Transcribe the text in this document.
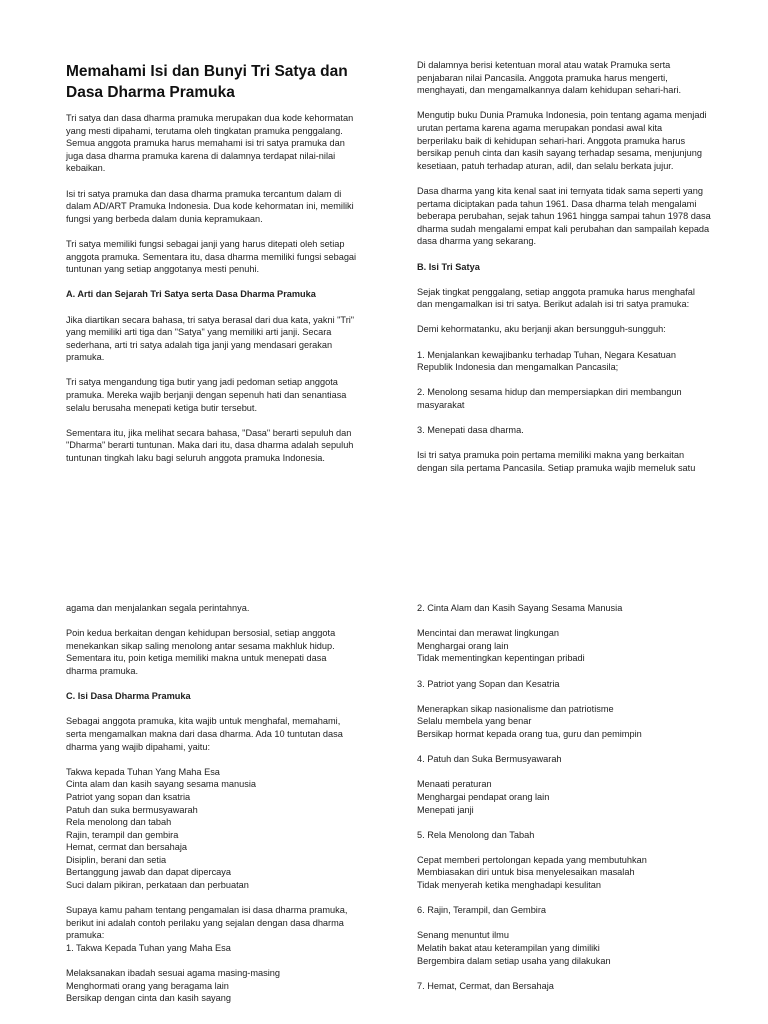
Memahami Isi dan Bunyi Tri Satya dan Dasa Dharma Pramuka

Tri satya dan dasa dharma pramuka merupakan dua kode kehormatan

yang mesti dipahami, terutama oleh tingkatan pramuka penggalang.

Semua anggota pramuka harus memahami isi tri satya pramuka dan

juga dasa dharma pramuka karena di dalamnya terdapat nilai-nilai

kebaikan.

Isi tri satya pramuka dan dasa dharma pramuka tercantum dalam di

dalam AD/ART Pramuka Indonesia. Dua kode kehormatan ini, memiliki

fungsi yang berbeda dalam dunia kepramukaan.

Tri satya memiliki fungsi sebagai janji yang harus ditepati oleh setiap

anggota pramuka. Sementara itu, dasa dharma memiliki fungsi sebagai

tuntunan yang setiap anggotanya mesti penuhi.

A. Arti dan Sejarah Tri Satya serta Dasa Dharma Pramuka

Jika diartikan secara bahasa, tri satya berasal dari dua kata, yakni "Tri"

yang memiliki arti tiga dan "Satya" yang memiliki arti janji. Secara

sederhana, arti tri satya adalah tiga janji yang mendasari gerakan

pramuka.

Tri satya mengandung tiga butir yang jadi pedoman setiap anggota

pramuka. Mereka wajib berjanji dengan sepenuh hati dan senantiasa

selalu berusaha menepati ketiga butir tersebut.

Sementara itu, jika melihat secara bahasa, "Dasa" berarti sepuluh dan

"Dharma" berarti tuntunan. Maka dari itu, dasa dharma adalah sepuluh

tuntunan tingkah laku bagi seluruh anggota pramuka Indonesia.

Di dalamnya berisi ketentuan moral atau watak Pramuka serta

penjabaran nilai Pancasila. Anggota pramuka harus mengerti,

menghayati, dan mengamalkannya dalam kehidupan sehari-hari.

Mengutip buku Dunia Pramuka Indonesia, poin tentang agama menjadi

urutan pertama karena agama merupakan pondasi awal kita

berperilaku baik di kehidupan sehari-hari. Anggota pramuka harus

bersikap penuh cinta dan kasih sayang terhadap sesama, menjunjung

kesetiaan, patuh terhadap aturan, adil, dan selalu berkata jujur.

Dasa dharma yang kita kenal saat ini ternyata tidak sama seperti yang

pertama diciptakan pada tahun 1961. Dasa dharma telah mengalami

beberapa perubahan, sejak tahun 1961 hingga sampai tahun 1978 dasa

dharma sudah mengalami empat kali perubahan dan sampailah kepada

dasa dharma yang sekarang.

B. Isi Tri Satya

Sejak tingkat penggalang, setiap anggota pramuka harus menghafal

dan mengamalkan isi tri satya. Berikut adalah isi tri satya pramuka:

Demi kehormatanku, aku berjanji akan bersungguh-sungguh:

1. Menjalankan kewajibanku terhadap Tuhan, Negara Kesatuan

Republik Indonesia dan mengamalkan Pancasila;

2. Menolong sesama hidup dan mempersiapkan diri membangun

masyarakat

3. Menepati dasa dharma.

Isi tri satya pramuka poin pertama memiliki makna yang berkaitan

dengan sila pertama Pancasila. Setiap pramuka wajib memeluk satu

agama dan menjalankan segala perintahnya.

Poin kedua berkaitan dengan kehidupan bersosial, setiap anggota

menekankan sikap saling menolong antar sesama makhluk hidup.

Sementara itu, poin ketiga memiliki makna untuk menepati dasa

dharma pramuka.

C. Isi Dasa Dharma Pramuka

Sebagai anggota pramuka, kita wajib untuk menghafal, memahami,

serta mengamalkan makna dari dasa dharma. Ada 10 tuntutan dasa

dharma yang wajib dipahami, yaitu:

Takwa kepada Tuhan Yang Maha Esa

Cinta alam dan kasih sayang sesama manusia

Patriot yang sopan dan ksatria

Patuh dan suka bermusyawarah

Rela menolong dan tabah

Rajin, terampil dan gembira

Hemat, cermat dan bersahaja

Disiplin, berani dan setia

Bertanggung jawab dan dapat dipercaya

Suci dalam pikiran, perkataan dan perbuatan

Supaya kamu paham tentang pengamalan isi dasa dharma pramuka,

berikut ini adalah contoh perilaku yang sejalan dengan dasa dharma

pramuka:

1. Takwa Kepada Tuhan yang Maha Esa

Melaksanakan ibadah sesuai agama masing-masing

Menghormati orang yang beragama lain

Bersikap dengan cinta dan kasih sayang

2. Cinta Alam dan Kasih Sayang Sesama Manusia

Mencintai dan merawat lingkungan

Menghargai orang lain

Tidak mementingkan kepentingan pribadi

3. Patriot yang Sopan dan Kesatria

Menerapkan sikap nasionalisme dan patriotisme

Selalu membela yang benar

Bersikap hormat kepada orang tua, guru dan pemimpin

4. Patuh dan Suka Bermusyawarah

Menaati peraturan

Menghargai pendapat orang lain

Menepati janji

5. Rela Menolong dan Tabah

Cepat memberi pertolongan kepada yang membutuhkan

Membiasakan diri untuk bisa menyelesaikan masalah

Tidak menyerah ketika menghadapi kesulitan

6. Rajin, Terampil, dan Gembira

Senang menuntut ilmu

Melatih bakat atau keterampilan yang dimiliki

Bergembira dalam setiap usaha yang dilakukan

7. Hemat, Cermat, dan Bersahaja
